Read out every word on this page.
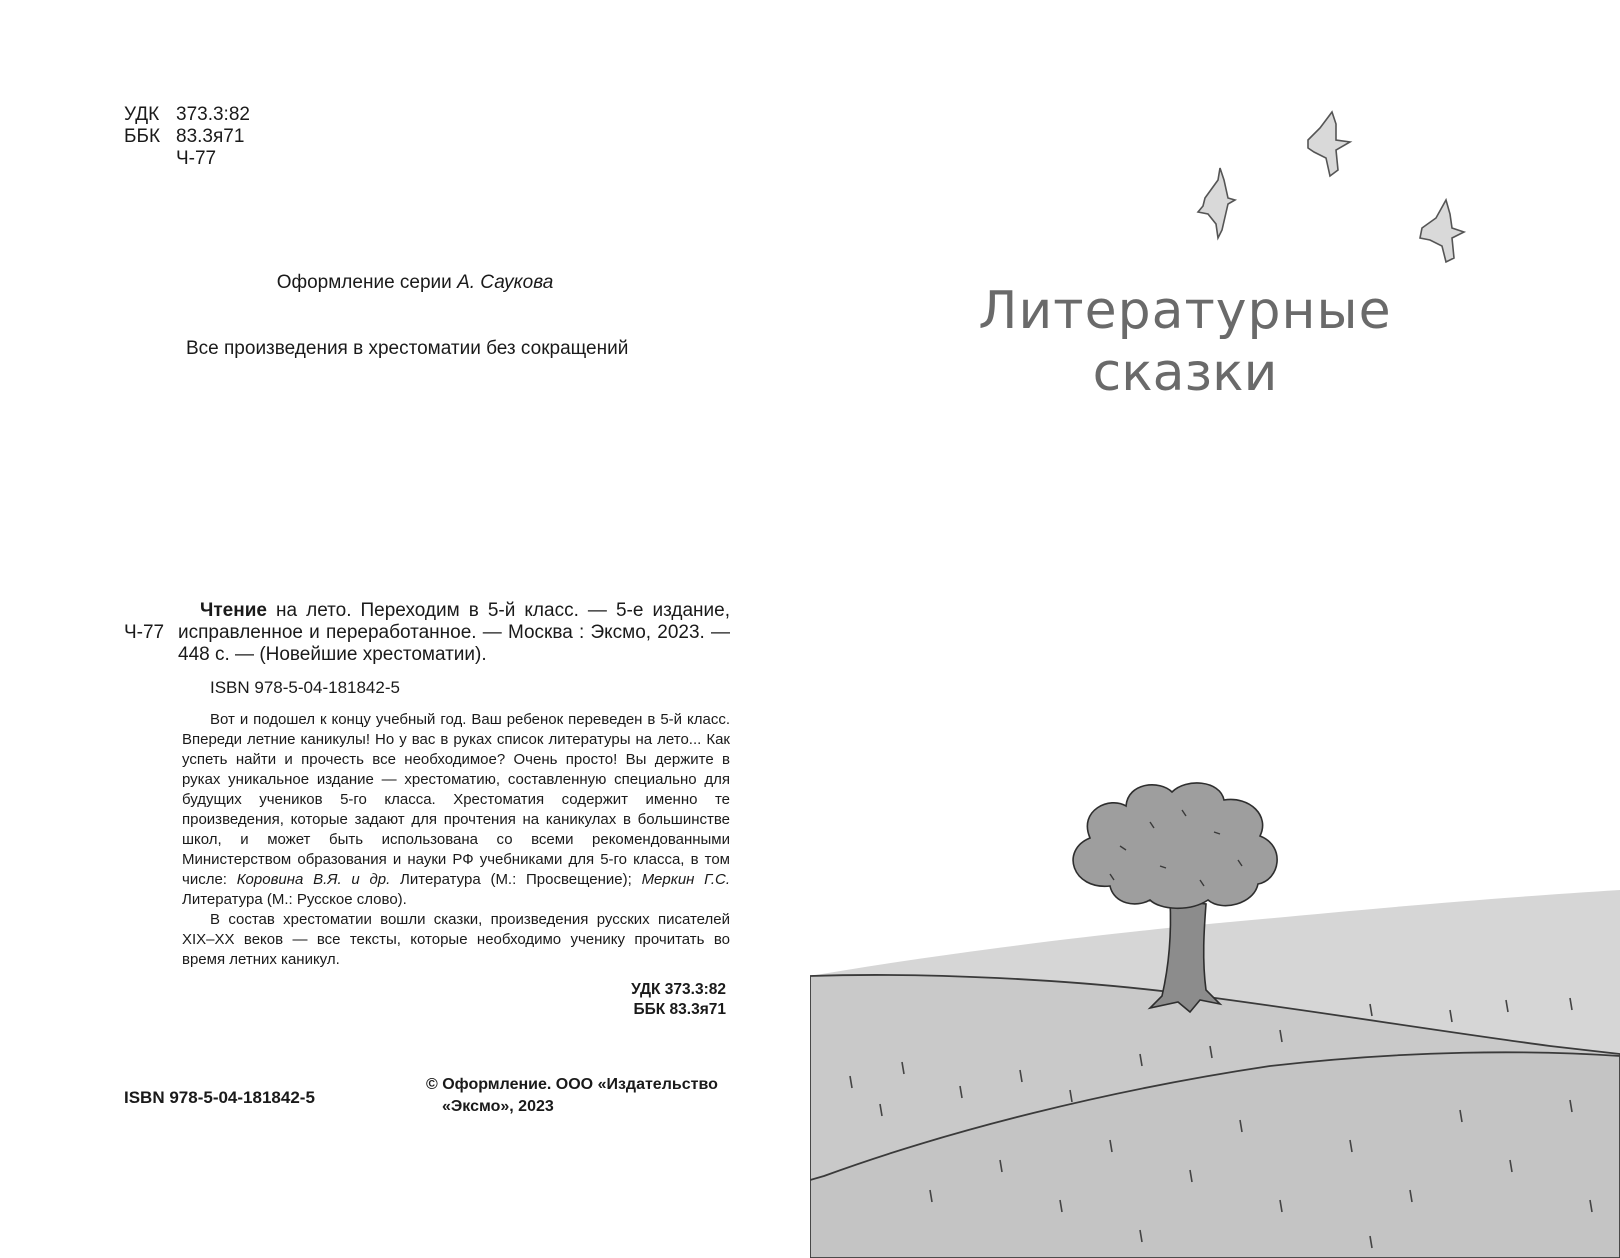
УДК 373.3:82
ББК 83.3я71
Ч-77
Оформление серии А. Саукова
Все произведения в хрестоматии без сокращений
Ч-77
Чтение на лето. Переходим в 5-й класс. — 5-е издание, исправленное и переработанное. — Москва : Эксмо, 2023. — 448 с. — (Новейшие хрестоматии).
ISBN 978-5-04-181842-5

Вот и подошел к концу учебный год. Ваш ребенок переведен в 5-й класс. Впереди летние каникулы! Но у вас в руках список литературы на лето... Как успеть найти и прочесть все необходимое? Очень просто! Вы держите в руках уникальное издание — хрестоматию, составленную специально для будущих учеников 5-го класса. Хрестоматия содержит именно те произведения, которые задают для прочтения на каникулах в большинстве школ, и может быть использована со всеми рекомендованными Министерством образования и науки РФ учебниками для 5-го класса, в том числе: Коровина В.Я. и др. Литература (М.: Просвещение); Меркин Г.С. Литература (М.: Русское слово).

В состав хрестоматии вошли сказки, произведения русских писателей XIX–XX веков — все тексты, которые необходимо ученику прочитать во время летних каникул.

УДК 373.3:82
ББК 83.3я71
ISBN 978-5-04-181842-5
© Оформление. ООО «Издательство
«Эксмо», 2023
Литературные
сказки
